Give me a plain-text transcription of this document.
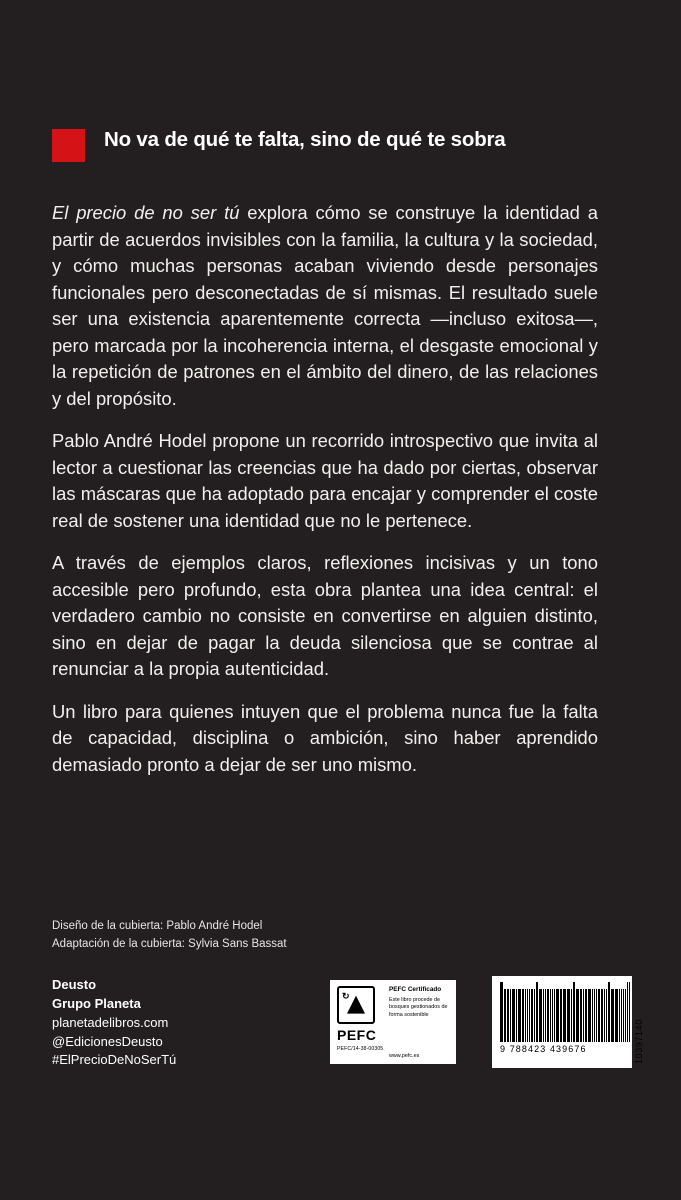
No va de qué te falta, sino de qué te sobra

El precio de no ser tú explora cómo se construye la identidad a partir de acuerdos invisibles con la familia, la cultura y la sociedad, y cómo muchas personas acaban viviendo desde personajes funcionales pero desconectadas de sí mismas. El resultado suele ser una existencia aparentemente correcta —incluso exitosa—, pero marcada por la incoherencia interna, el desgaste emocional y la repetición de patrones en el ámbito del dinero, de las relaciones y del propósito.

Pablo André Hodel propone un recorrido introspectivo que invita al lector a cuestionar las creencias que ha dado por ciertas, observar las máscaras que ha adoptado para encajar y comprender el coste real de sostener una identidad que no le pertenece.

A través de ejemplos claros, reflexiones incisivas y un tono accesible pero profundo, esta obra plantea una idea central: el verdadero cambio no consiste en convertirse en alguien distinto, sino en dejar de pagar la deuda silenciosa que se contrae al renunciar a la propia autenticidad.

Un libro para quienes intuyen que el problema nunca fue la falta de capacidad, disciplina o ambición, sino haber aprendido demasiado pronto a dejar de ser uno mismo.

Diseño de la cubierta: Pablo André Hodel
Adaptación de la cubierta: Sylvia Sans Bassat
Deusto
Grupo Planeta
planetadelibros.com
@EdicionesDeusto
#ElPrecioDeNoSerTú
↻
PEFC
PEFC/14-38-00305
PEFC Certificado
Este libro procede de bosques gestionados de forma sostenible
www.pefc.es
9 788423 439676	10397140
